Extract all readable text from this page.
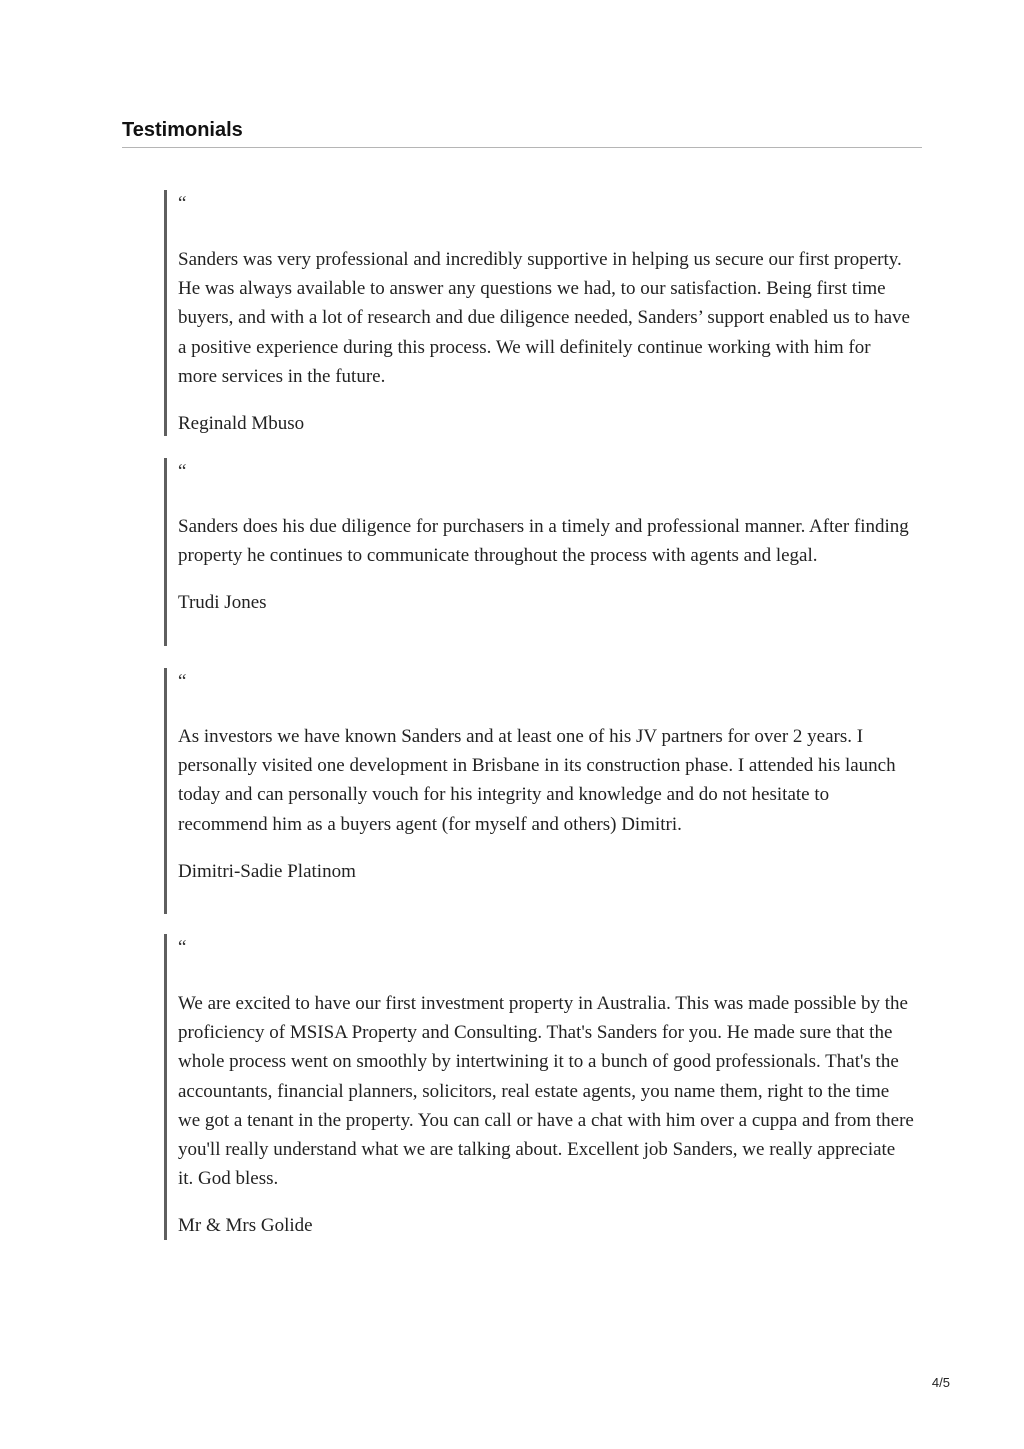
Testimonials

“

Sanders was very professional and incredibly supportive in helping us secure our first property. He was always available to answer any questions we had, to our satisfaction. Being first time buyers, and with a lot of research and due diligence needed, Sanders’ support enabled us to have a positive experience during this process. We will definitely continue working with him for more services in the future.

Reginald Mbuso

“

Sanders does his due diligence for purchasers in a timely and professional manner. After finding property he continues to communicate throughout the process with agents and legal.

Trudi Jones

“

As investors we have known Sanders and at least one of his JV partners for over 2 years. I personally visited one development in Brisbane in its construction phase. I attended his launch today and can personally vouch for his integrity and knowledge and do not hesitate to recommend him as a buyers agent (for myself and others) Dimitri.

Dimitri-Sadie Platinom

“

We are excited to have our first investment property in Australia. This was made possible by the proficiency of MSISA Property and Consulting. That's Sanders for you. He made sure that the whole process went on smoothly by intertwining it to a bunch of good professionals. That's the accountants, financial planners, solicitors, real estate agents, you name them, right to the time we got a tenant in the property. You can call or have a chat with him over a cuppa and from there you'll really understand what we are talking about. Excellent job Sanders, we really appreciate it. God bless.

Mr & Mrs Golide

4/5
